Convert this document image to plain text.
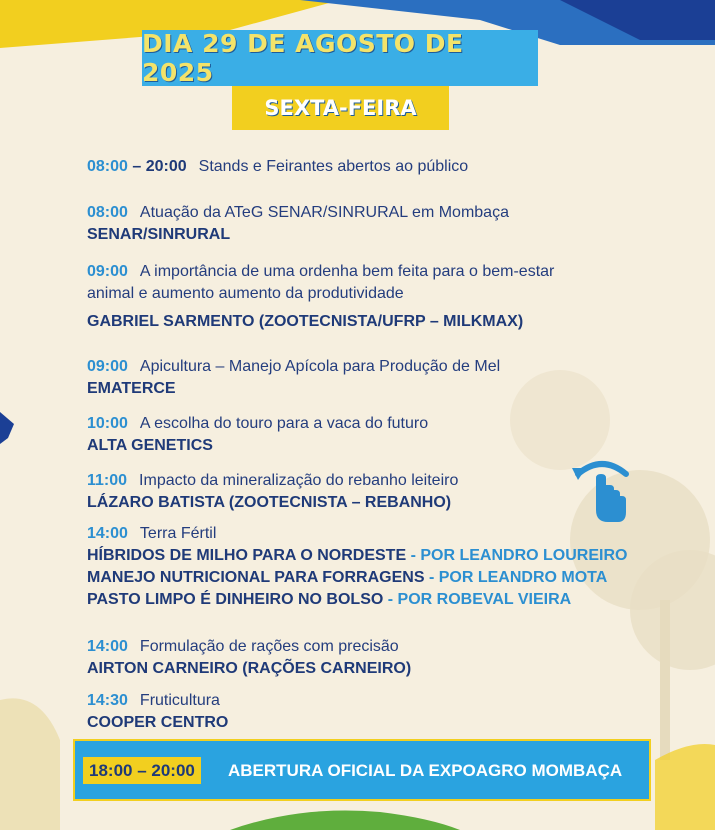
DIA 29 DE AGOSTO DE 2025
SEXTA-FEIRA
08:00 – 20:00 Stands e Feirantes abertos ao público
08:00 Atuação da ATeG SENAR/SINRURAL em Mombaça
SENAR/SINRURAL
09:00 A importância de uma ordenha bem feita para o bem-estar
animal e aumento aumento da produtividade
GABRIEL SARMENTO (ZOOTECNISTA/UFRP – MILKMAX)
09:00 Apicultura – Manejo Apícola para Produção de Mel
EMATERCE
10:00 A escolha do touro para a vaca do futuro
ALTA GENETICS
11:00 Impacto da mineralização do rebanho leiteiro
LÁZARO BATISTA (ZOOTECNISTA – REBANHO)
14:00 Terra Fértil
HÍBRIDOS DE MILHO PARA O NORDESTE - POR LEANDRO LOUREIRO
MANEJO NUTRICIONAL PARA FORRAGENS - POR LEANDRO MOTA
PASTO LIMPO É DINHEIRO NO BOLSO - POR ROBEVAL VIEIRA
14:00 Formulação de rações com precisão
AIRTON CARNEIRO (RAÇÕES CARNEIRO)
14:30 Fruticultura
COOPER CENTRO
18:00 – 20:00	ABERTURA OFICIAL DA EXPOAGRO MOMBAÇA
